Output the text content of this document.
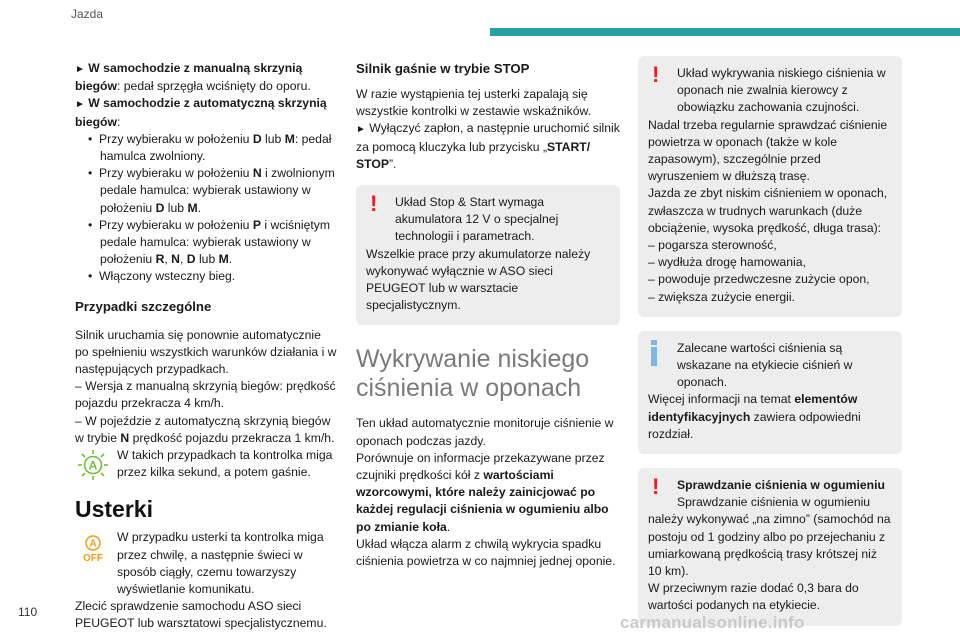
Jazda

► W samochodzie z manualną skrzynią biegów: pedał sprzęgła wciśnięty do oporu.

► W samochodzie z automatyczną skrzynią biegów:

•  Przy wybieraku w położeniu D lub M: pedał hamulca zwolniony.

•  Przy wybieraku w położeniu N i zwolnionym pedale hamulca: wybierak ustawiony w położeniu D lub M.

•  Przy wybieraku w położeniu P i wciśniętym pedale hamulca: wybierak ustawiony w położeniu R, N, D lub M.

•  Włączony wsteczny bieg.

Przypadki szczególne

Silnik uruchamia się ponownie automatycznie po spełnieniu wszystkich warunków działania i w następujących przypadkach.

– Wersja z manualną skrzynią biegów: prędkość pojazdu przekracza 4 km/h.

– W pojeździe z automatyczną skrzynią biegów w trybie N prędkość pojazdu przekracza 1 km/h.

A

W takich przypadkach ta kontrolka miga przez kilka sekund, a potem gaśnie.

Usterki
A
OFF

W przypadku usterki ta kontrolka miga przez chwilę, a następnie świeci w sposób ciągły, czemu towarzyszy wyświetlanie komunikatu.

Zlecić sprawdzenie samochodu ASO sieci PEUGEOT lub warsztatowi specjalistycznemu.

Silnik gaśnie w trybie STOP

W razie wystąpienia tej usterki zapalają się wszystkie kontrolki w zestawie wskaźników.

► Wyłączyć zapłon, a następnie uruchomić silnik za pomocą kluczyka lub przycisku „START/ STOP”.

!	Układ Stop & Start wymaga akumulatora 12 V o specjalnej technologii i parametrach.

Wszelkie prace przy akumulatorze należy wykonywać wyłącznie w ASO sieci PEUGEOT lub w warsztacie specjalistycznym.

Wykrywanie niskiego ciśnienia w oponach

Ten układ automatycznie monitoruje ciśnienie w oponach podczas jazdy.

Porównuje on informacje przekazywane przez czujniki prędkości kół z wartościami wzorcowymi, które należy zainicjować po każdej regulacji ciśnienia w ogumieniu albo po zmianie koła.

Układ włącza alarm z chwilą wykrycia spadku ciśnienia powietrza w co najmniej jednej oponie.

!	Układ wykrywania niskiego ciśnienia w oponach nie zwalnia kierowcy z obowiązku zachowania czujności.

Nadal trzeba regularnie sprawdzać ciśnienie powietrza w oponach (także w kole zapasowym), szczególnie przed wyruszeniem w dłuższą trasę.

Jazda ze zbyt niskim ciśnieniem w oponach, zwłaszcza w trudnych warunkach (duże obciążenie, wysoka prędkość, długa trasa):

– pogarsza sterowność,

– wydłuża drogę hamowania,

– powoduje przedwczesne zużycie opon,

– zwiększa zużycie energii.

Zalecane wartości ciśnienia są wskazane na etykiecie ciśnień w oponach.

Więcej informacji na temat elementów identyfikacyjnych zawiera odpowiedni rozdział.

!	Sprawdzanie ciśnienia w ogumieniu

Sprawdzanie ciśnienia w ogumieniu należy wykonywać „na zimno” (samochód na postoju od 1 godziny albo po przejechaniu z umiarkowaną prędkością trasy krótszej niż 10 km).

W przeciwnym razie dodać 0,3 bara do wartości podanych na etykiecie.

110
carmanualsonline.info
